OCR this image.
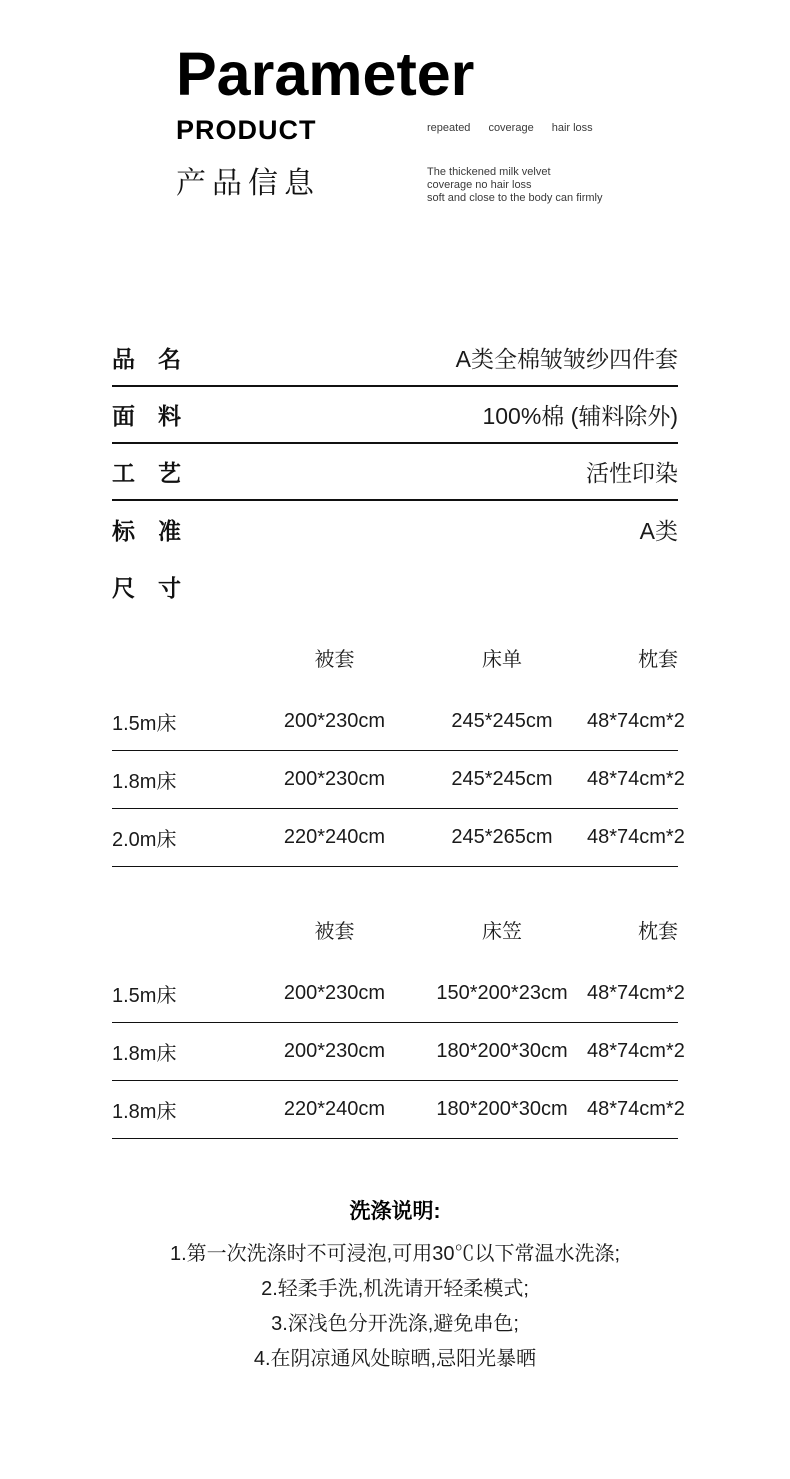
Parameter
PRODUCT
产品信息
repeated coverage hair loss
The thickened milk velvet
coverage no hair loss
soft and close to the body can firmly
品　名	A类全棉皱皱纱四件套
面　料	100%棉 (辅料除外)
工　艺	活性印染
标　准	A类
尺　寸
被套	床单	枕套
1.5m床	200*230cm	245*245cm	48*74cm*2
1.8m床	200*230cm	245*245cm	48*74cm*2
2.0m床	220*240cm	245*265cm	48*74cm*2
被套	床笠	枕套
1.5m床	200*230cm	150*200*23cm 48*74cm*2
1.8m床	200*230cm	180*200*30cm 48*74cm*2
1.8m床	220*240cm	180*200*30cm 48*74cm*2
洗涤说明:
1.第一次洗涤时不可浸泡,可用30℃以下常温水洗涤;
2.轻柔手洗,机洗请开轻柔模式;
3.深浅色分开洗涤,避免串色;
4.在阴凉通风处晾晒,忌阳光暴晒
